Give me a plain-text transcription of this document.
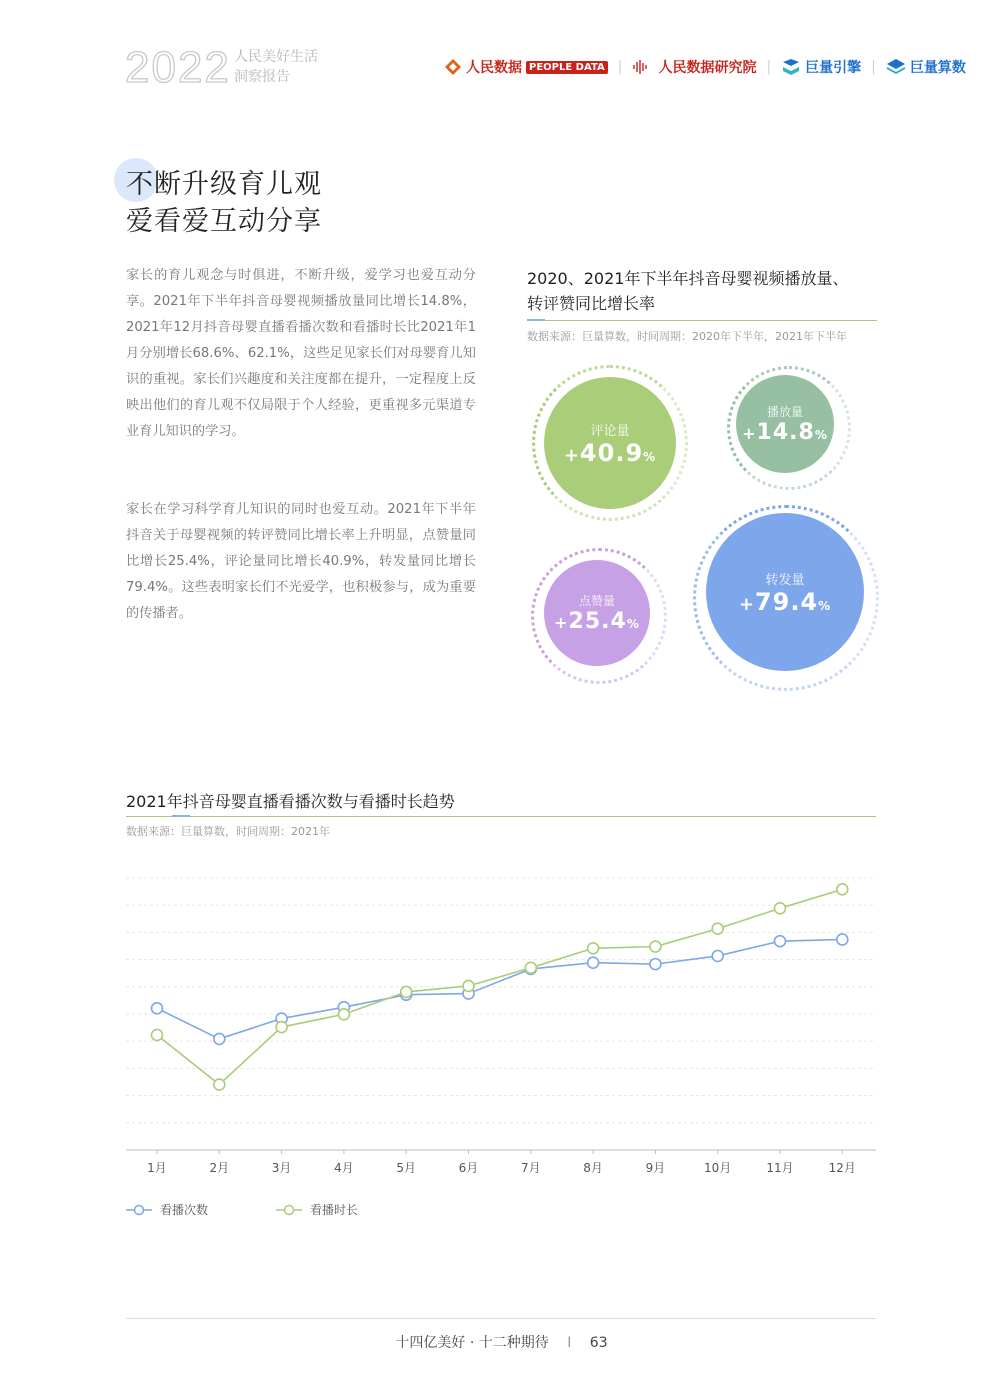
2022 人民美好生活
洞察报告
人民数据 PEOPLE DATA |	人民数据研究院 | 巨量引擎 | 巨量算数
不断升级育儿观
爱看爱互动分享
家长的育儿观念与时俱进，不断升级，爱学习也爱互动分享。2021年下半年抖音母婴视频播放量同比增长14.8%，2021年12月抖音母婴直播看播次数和看播时长比2021年1月分别增长68.6%、62.1%，这些足见家长们对母婴育儿知识的重视。家长们兴趣度和关注度都在提升，一定程度上反映出他们的育儿观不仅局限于个人经验，更重视多元渠道专业育儿知识的学习。
家长在学习科学育儿知识的同时也爱互动。2021年下半年抖音关于母婴视频的转评赞同比增长率上升明显，点赞量同比增长25.4%，评论量同比增长40.9%，转发量同比增长79.4%。这些表明家长们不光爱学，也积极参与，成为重要的传播者。
2020、2021年下半年抖音母婴视频播放量、
转评赞同比增长率
数据来源：巨量算数，时间周期：2020年下半年，2021年下半年
评论量
+40.9%
播放量
+14.8%
点赞量
+25.4%
转发量
+79.4%
2021年抖音母婴直播看播次数与看播时长趋势
数据来源：巨量算数，时间周期：2021年
1月	2月	3月	4月	5月	6月	7月	8月	9月	10月	11月	12月
看播次数	看播时长
十四亿美好 · 十二种期待 I 63
